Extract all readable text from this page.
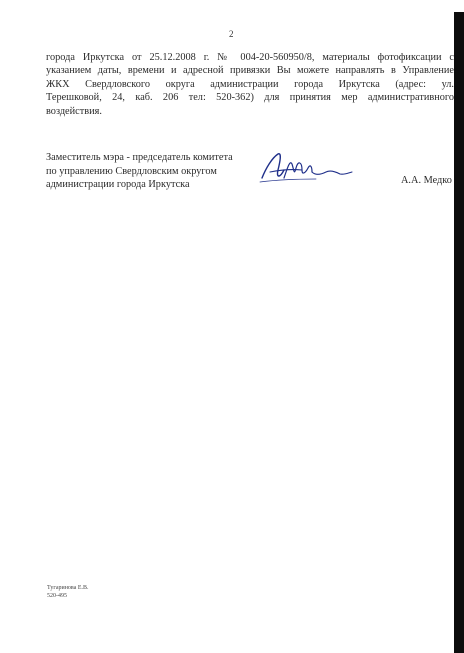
2
города Иркутска от 25.12.2008 г. № 004-20-560950/8, материалы фотофиксации с
указанием даты, времени и адресной привязки Вы можете направлять в Управление
ЖКХ Свердловского округа администрации города Иркутска (адрес: ул.
Терешковой, 24, каб. 206 тел: 520-362) для принятия мер административного
воздействия.
Заместитель мэра - председатель комитета
по управлению Свердловским округом
администрации города Иркутска	А.А. Медко
Тугаринова Е.В.
520-495
